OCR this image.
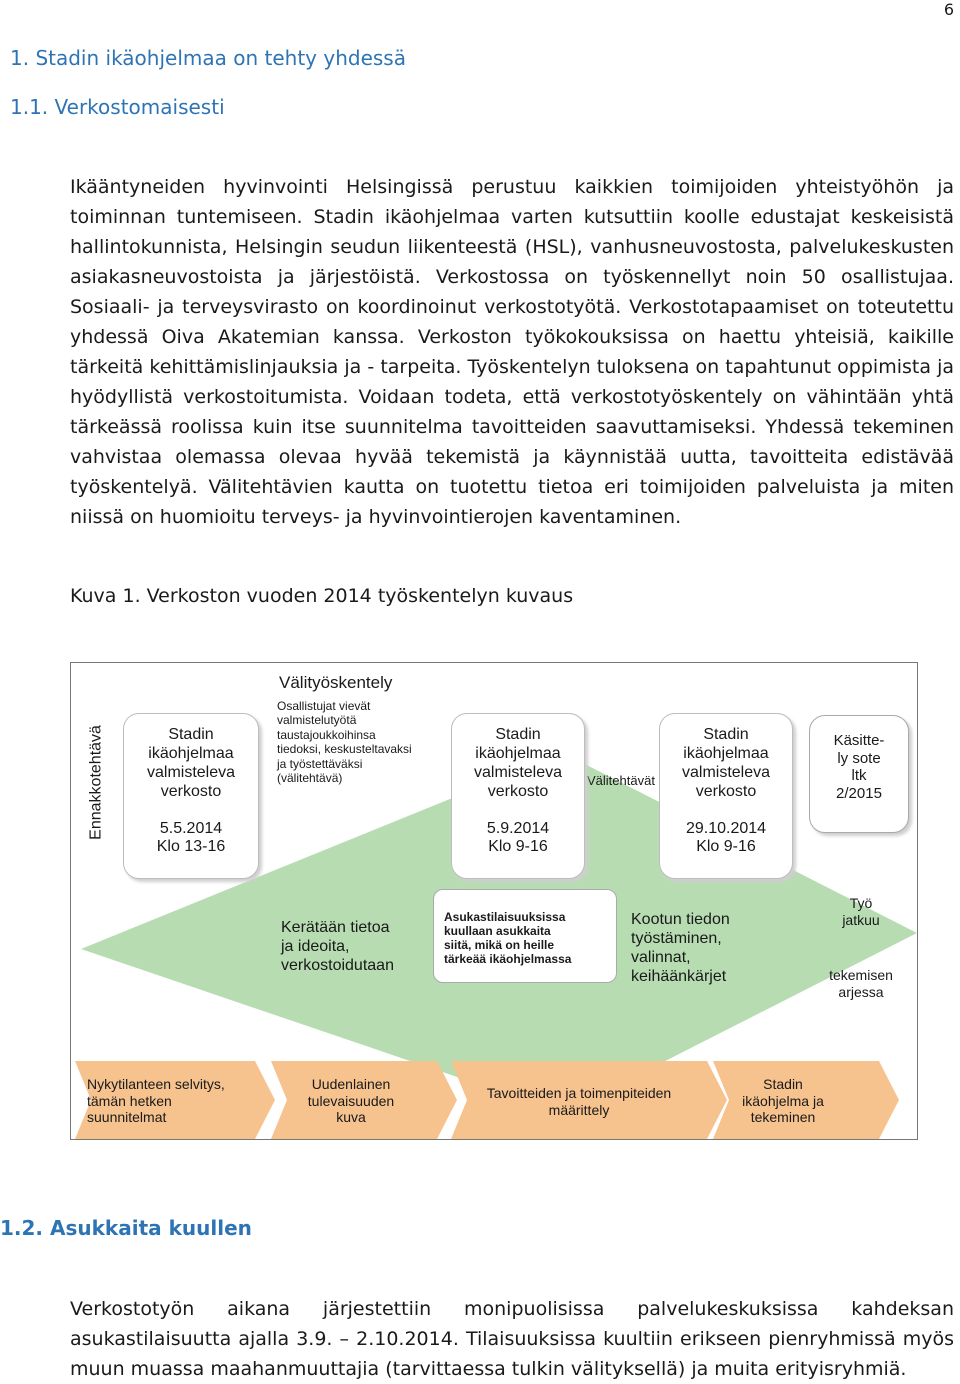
6
1. Stadin ikäohjelmaa on tehty yhdessä
1.1. Verkostomaisesti
Ikääntyneiden hyvinvointi Helsingissä perustuu kaikkien toimijoiden yhteistyöhön ja toiminnan tuntemiseen. Stadin ikäohjelmaa varten kutsuttiin koolle edustajat keskeisistä hallintokunnista, Helsingin seudun liikenteestä (HSL), vanhusneuvostosta, palvelukeskusten asiakasneuvostoista ja järjestöistä. Verkostossa on työskennellyt noin 50 osallistujaa. Sosiaali- ja terveysvirasto on koordinoinut verkostotyötä. Verkostotapaamiset on toteutettu yhdessä Oiva Akatemian kanssa. Verkoston työkokouksissa on haettu yhteisiä, kaikille tärkeitä kehittämislinjauksia ja - tarpeita. Työskentelyn tuloksena on tapahtunut oppimista ja hyödyllistä verkostoitumista. Voidaan todeta, että verkostotyöskentely on vähintään yhtä tärkeässä roolissa kuin itse suunnitelma tavoitteiden saavuttamiseksi. Yhdessä tekeminen vahvistaa olemassa olevaa hyvää tekemistä ja käynnistää uutta, tavoitteita edistävää työskentelyä. Välitehtävien kautta on tuotettu tietoa eri toimijoiden palveluista ja miten niissä on huomioitu terveys- ja hyvinvointierojen kaventaminen.
Kuva 1. Verkoston vuoden 2014 työskentelyn kuvaus
Ennakkotehtävä
Välityöskentely
Osallistujat vievät
valmistelutyötä
taustajoukkoihinsa
tiedoksi, keskusteltavaksi
ja työstettäväksi
(välitehtävä)	Välitehtävät
Stadin
ikäohjelmaa
valmisteleva
verkosto
5.5.2014
Klo 13-16
Stadin
ikäohjelmaa
valmisteleva
verkosto
5.9.2014
Klo 9-16
Stadin
ikäohjelmaa
valmisteleva
verkosto
29.10.2014
Klo 9-16
Käsitte-
ly sote
ltk
2/2015
Kerätään tietoa
ja ideoita,
verkostoidutaan
Asukastilaisuuksissa
kuullaan asukkaita
siitä, mikä on heille
tärkeää ikäohjelmassa
Kootun tiedon
työstäminen,
valinnat,
keihäänkärjet
Työ
jatkuu
tekemisen
arjessa
Nykytilanteen selvitys,
tämän hetken
suunnitelmat
Uudenlainen
tulevaisuuden
kuva
Tavoitteiden ja toimenpiteiden
määrittely
Stadin
ikäohjelma ja
tekeminen
1.2. Asukkaita kuullen
Verkostotyön aikana järjestettiin monipuolisissa palvelukeskuksissa kahdeksan asukastilaisuutta ajalla 3.9. – 2.10.2014. Tilaisuuksissa kuultiin erikseen pienryhmissä myös muun muassa maahanmuuttajia (tarvittaessa tulkin välityksellä) ja muita erityisryhmiä.
